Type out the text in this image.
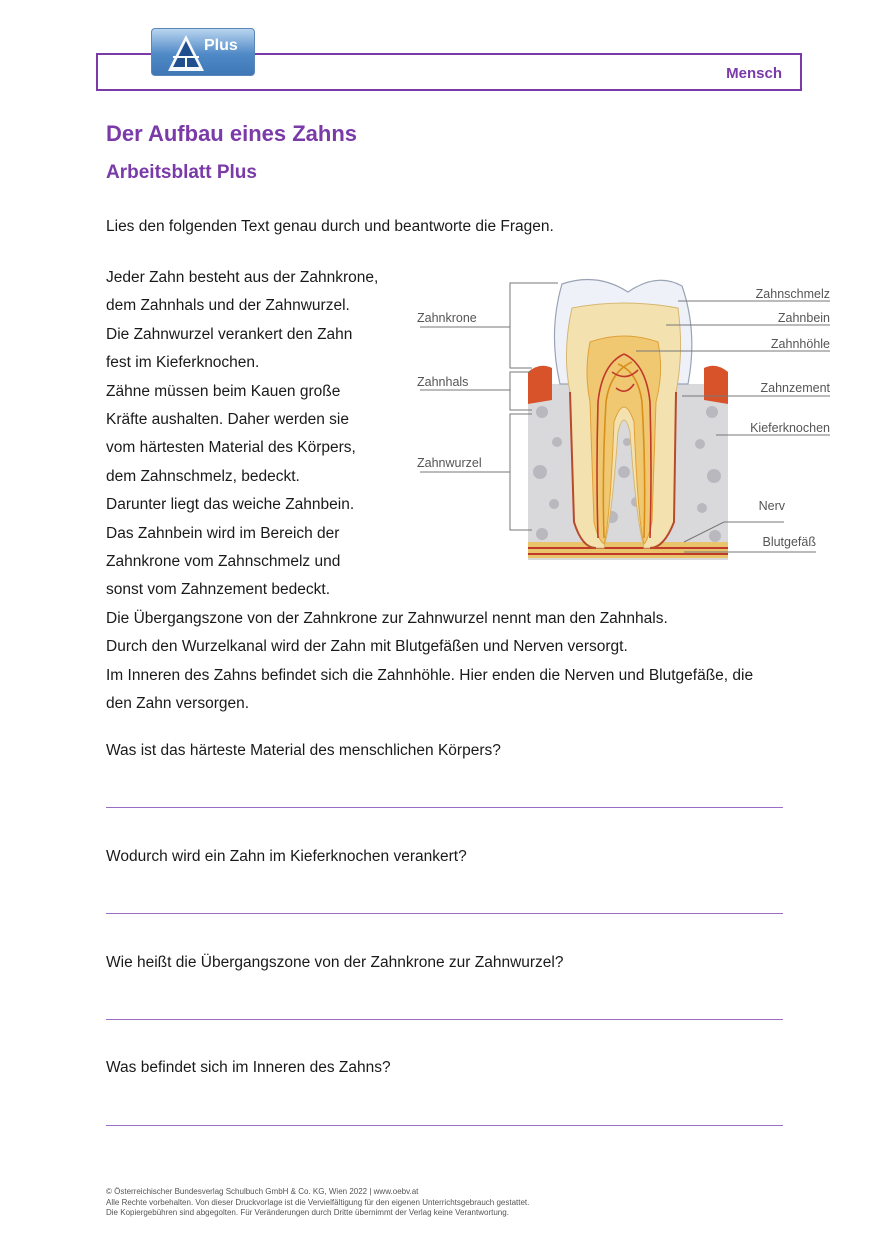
Mensch
Plus
Der Aufbau eines Zahns
Arbeitsblatt Plus
Lies den folgenden Text genau durch und beantworte die Fragen.
Jeder Zahn besteht aus der Zahnkrone,
dem Zahnhals und der Zahnwurzel.
Die Zahnwurzel verankert den Zahn
fest im Kieferknochen.
Zähne müssen beim Kauen große
Kräfte aushalten. Daher werden sie
vom härtesten Material des Körpers,
dem Zahnschmelz, bedeckt.
Darunter liegt das weiche Zahnbein.
Das Zahnbein wird im Bereich der
Zahnkrone vom Zahnschmelz und
sonst vom Zahnzement bedeckt.
Die Übergangszone von der Zahnkrone zur Zahnwurzel nennt man den Zahnhals.
Durch den Wurzelkanal wird der Zahn mit Blutgefäßen und Nerven versorgt.
Im Inneren des Zahns befindet sich die Zahnhöhle. Hier enden die Nerven und Blutgefäße, die
den Zahn versorgen.
Zahnkrone
Zahnhals
Zahnwurzel
Zahnschmelz
Zahnbein
Zahnhöhle
Zahnzement
Kieferknochen
Nerv
Blutgefäß
Was ist das härteste Material des menschlichen Körpers?
Wodurch wird ein Zahn im Kieferknochen verankert?
Wie heißt die Übergangszone von der Zahnkrone zur Zahnwurzel?
Was befindet sich im Inneren des Zahns?
© Österreichischer Bundesverlag Schulbuch GmbH & Co. KG, Wien 2022 | www.oebv.at
Alle Rechte vorbehalten. Von dieser Druckvorlage ist die Vervielfältigung für den eigenen Unterrichtsgebrauch gestattet.
Die Kopiergebühren sind abgegolten. Für Veränderungen durch Dritte übernimmt der Verlag keine Verantwortung.
